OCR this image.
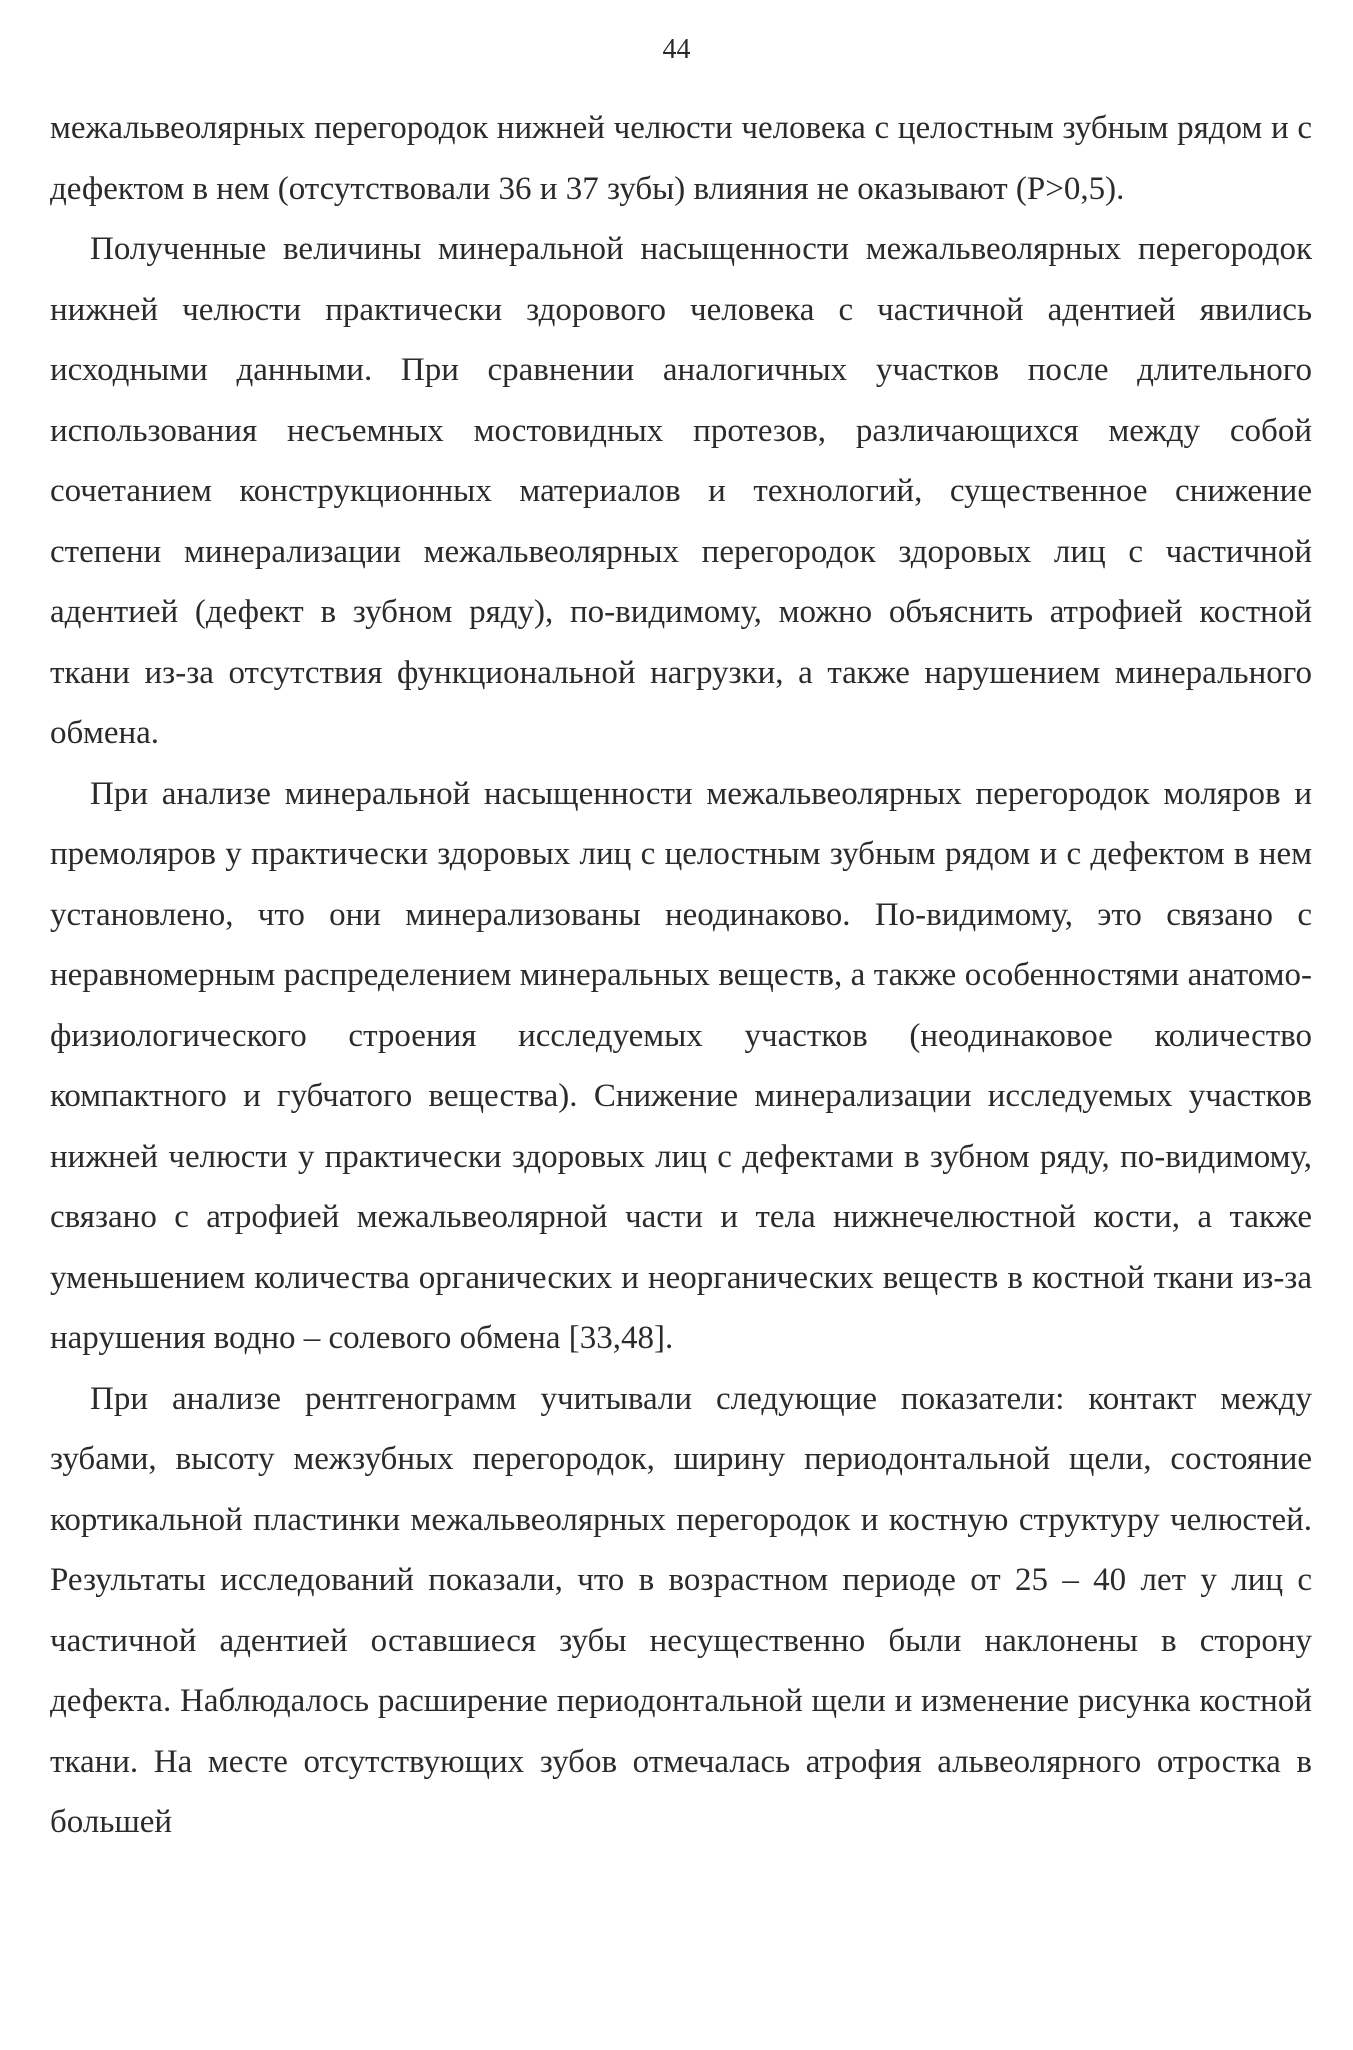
44

межальвеолярных перегородок нижней челюсти человека с целостным зубным рядом и с дефектом в нем (отсутствовали 36 и 37 зубы) влияния не оказывают (P>0,5).

Полученные величины минеральной насыщенности межальвеолярных перегородок нижней челюсти практически здорового человека с частичной адентией явились исходными данными. При сравнении аналогичных участков после длительного использования несъемных мостовидных протезов, различающихся между собой сочетанием конструкционных материалов и технологий, существенное снижение степени минерализации межальвеолярных перегородок здоровых лиц с частичной адентией (дефект в зубном ряду), по-видимому, можно объяснить атрофией костной ткани из-за отсутствия функциональной нагрузки, а также нарушением минерального обмена.

При анализе минеральной насыщенности межальвеолярных перегородок моляров и премоляров у практически здоровых лиц с целостным зубным рядом и с дефектом в нем установлено, что они минерализованы неодинаково. По-видимому, это связано с неравномерным распределением минеральных веществ, а также особенностями анатомо- физиологического строения исследуемых участков (неодинаковое количество компактного и губчатого вещества). Снижение минерализации исследуемых участков нижней челюсти у практически здоровых лиц с дефектами в зубном ряду, по-видимому, связано с атрофией межальвеолярной части и тела нижнечелюстной кости, а также уменьшением количества органических и неорганических веществ в костной ткани из-за нарушения водно – солевого обмена [33,48].

При анализе рентгенограмм учитывали следующие показатели: контакт между зубами, высоту межзубных перегородок, ширину периодонтальной щели, состояние кортикальной пластинки межальвеолярных перегородок и костную структуру челюстей. Результаты исследований показали, что в возрастном периоде от 25 – 40 лет у лиц с частичной адентией оставшиеся зубы несущественно были наклонены в сторону дефекта. Наблюдалось расширение периодонтальной щели и изменение рисунка костной ткани. На месте отсутствующих зубов отмечалась атрофия альвеолярного отростка в большей
